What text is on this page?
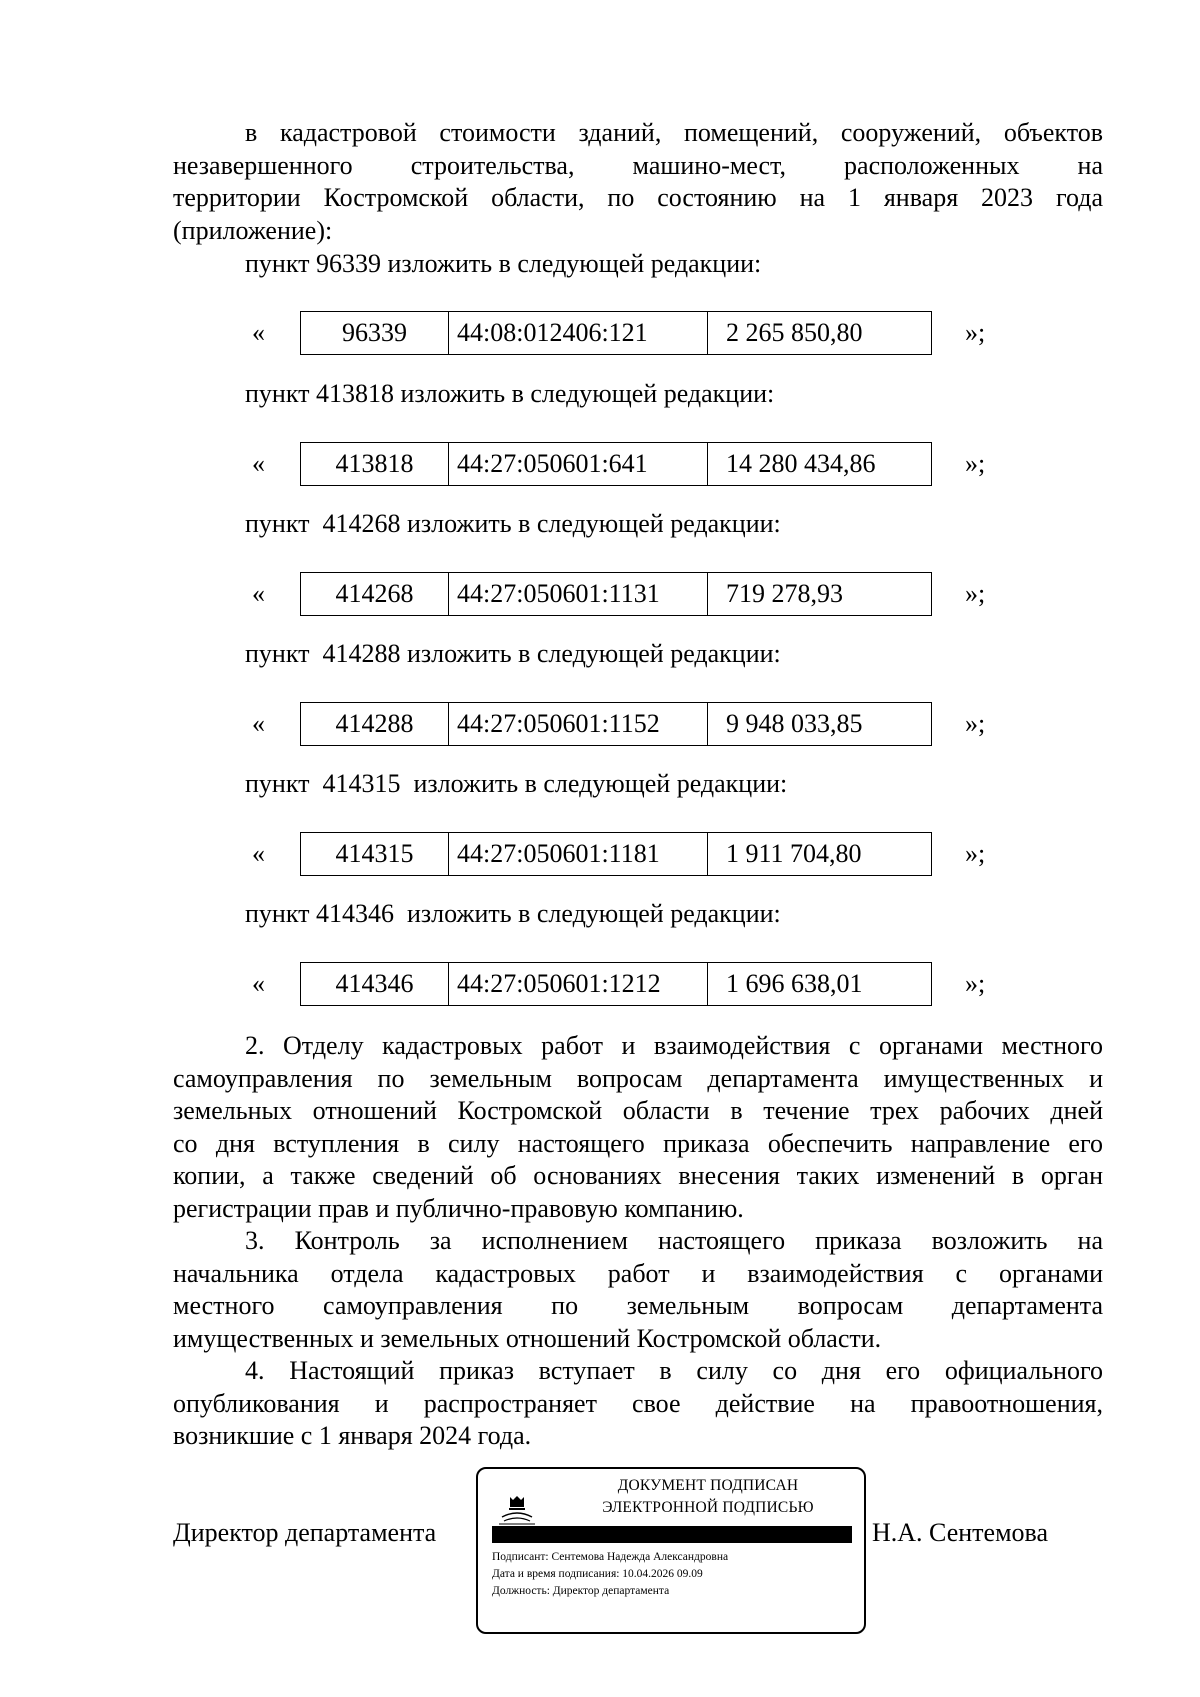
в кадастровой стоимости зданий, помещений, сооружений, объектов
незавершенного строительства, машино-мест, расположенных на
территории Костромской области, по состоянию на 1 января 2023 года
(приложение):
пункт 96339 изложить в следующей редакции:
«	96339	44:08:012406:121	2 265 850,80	»;
пункт 413818 изложить в следующей редакции:
«	413818	44:27:050601:641	14 280 434,86	»;
пункт  414268 изложить в следующей редакции:
«	414268	44:27:050601:1131	719 278,93	»;
пункт  414288 изложить в следующей редакции:
«	414288	44:27:050601:1152	9 948 033,85	»;
пункт  414315  изложить в следующей редакции:
«	414315	44:27:050601:1181	1 911 704,80	»;
пункт 414346  изложить в следующей редакции:
«	414346	44:27:050601:1212	1 696 638,01	»;
2. Отделу кадастровых работ и взаимодействия с органами местного
самоуправления по земельным вопросам департамента имущественных и
земельных отношений Костромской области в течение трех рабочих дней
со дня вступления в силу настоящего приказа обеспечить направление его
копии, а также сведений об основаниях внесения таких изменений в орган
регистрации прав и публично-правовую компанию.
3. Контроль за исполнением настоящего приказа возложить на
начальника отдела кадастровых работ и взаимодействия с органами
местного самоуправления по земельным вопросам департамента
имущественных и земельных отношений Костромской области.
4. Настоящий приказ вступает в силу со дня его официального
опубликования и распространяет свое действие на правоотношения,
возникшие с 1 января 2024 года.
Директор департамента	Н.А. Сентемова
ДОКУМЕНТ ПОДПИСАН
ЭЛЕКТРОННОЙ ПОДПИСЬЮ
Подписант: Сентемова Надежда Александровна
Дата и время подписания: 10.04.2026 09.09
Должность: Директор департамента
